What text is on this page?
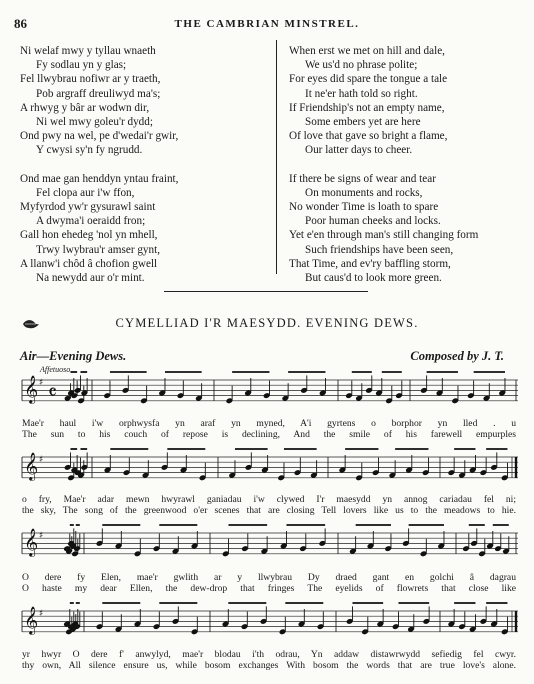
86	THE CAMBRIAN MINSTREL.
Ni welaf mwy y tyllau wnaeth
Fy sodlau yn y glas;
Fel llwybrau nofiwr ar y traeth,
Pob argraff dreuliwyd ma's;
A rhwyg y bâr ar wodwn dir,
Ni wel mwy goleu'r dydd;
Ond pwy na wel, pe d'wedai'r gwir,
Y cwysi sy'n fy ngrudd.
Ond mae gan henddyn yntau fraint,
Fel clopa aur i'w ffon,
Myfyrdod yw'r gysurawl saint
A dwyma'i oeraidd fron;
Gall hon ehedeg 'nol yn mhell,
Trwy lwybrau'r amser gynt,
A llanw'i chôd â chofion gwell
Na newydd aur o'r mint.
When erst we met on hill and dale,
We us'd no phrase polite;
For eyes did spare the tongue a tale
It ne'er hath told so right.
If Friendship's not an empty name,
Some embers yet are here
Of love that gave so bright a flame,
Our latter days to cheer.
If there be signs of wear and tear
On monuments and rocks,
No wonder Time is loath to spare
Poor human cheeks and locks.
Yet e'en through man's still changing form
Such friendships have been seen,
That Time, and ev'ry baffling storm,
But caus'd to look more green.
CYMELLIAD I'R MAESYDD. EVENING DEWS.
Air—Evening Dews.	Composed by J. T.
Affetuoso.
𝄞 ♯ 𝄴
𝄞 ♯
𝄞 ♯
𝄞 ♯
Mae'r haul i'w orphwysfa yn araf yn myned, A'i gyrtens o borphor yn lled . u
The sun to his couch of repose is declining, And the smile of his farewell empurples
o fry, Mae'r adar mewn hwyrawl ganiadau i'w clywed I'r maesydd yn annog cariadau fel ni;
the sky, The song of the greenwood o'er scenes that are closing Tell lovers like us to the meadows to hie.
O dere fy Elen, mae'r gwlith ar y llwybrau Dy draed gant en golchi â dagrau
O haste my dear Ellen, the dew-drop that fringes The eyelids of flowrets that close like
yr hwyr O dere f' anwylyd, mae'r blodau i'th odrau, Yn addaw distawrwydd sefiedig fel cwyr.
thy own, All silence ensure us, while bosom exchanges With bosom the words that are true love's alone.
